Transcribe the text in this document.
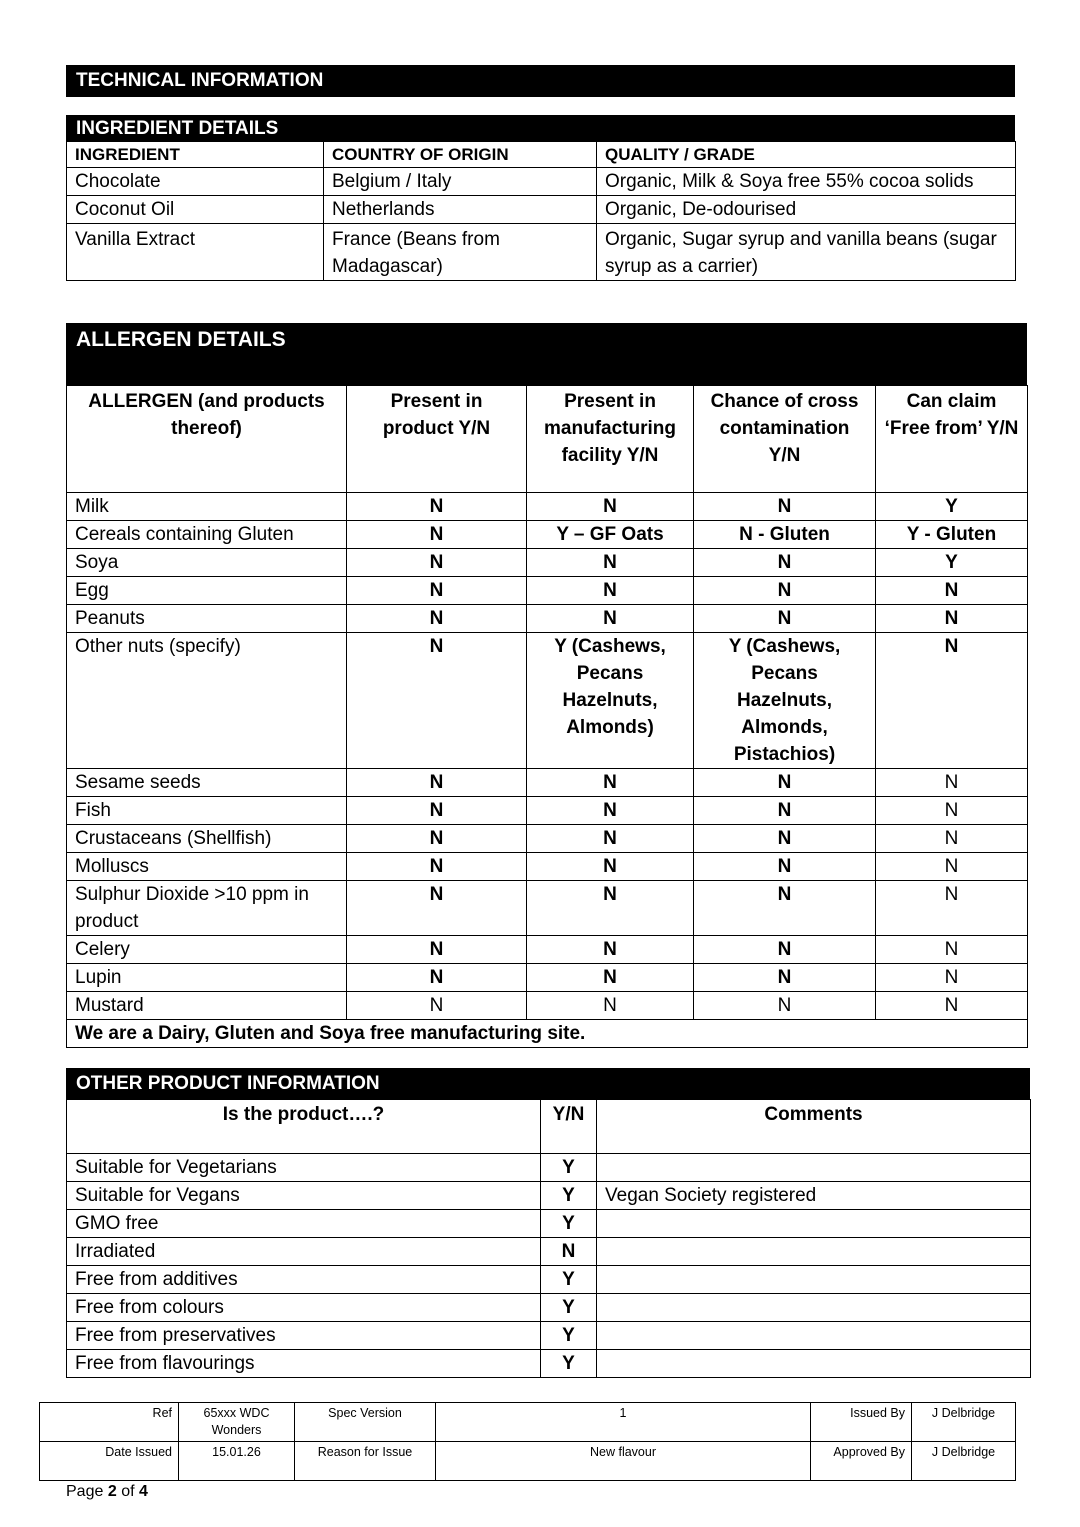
TECHNICAL INFORMATION
INGREDIENT DETAILS
INGREDIENT	COUNTRY OF ORIGIN	QUALITY / GRADE
Chocolate	Belgium / Italy	Organic, Milk & Soya free 55% cocoa solids
Coconut Oil	Netherlands	Organic, De-odourised
Vanilla Extract	France (Beans from Madagascar)	Organic, Sugar syrup and vanilla beans (sugar syrup as a carrier)
ALLERGEN DETAILS
ALLERGEN (and products thereof)	Present in product Y/N	Present in manufacturing facility Y/N	Chance of cross contamination Y/N	Can claim ‘Free from’ Y/N
Milk	N	N	N	Y
Cereals containing Gluten	N	Y – GF Oats	N - Gluten	Y - Gluten
Soya	N	N	N	Y
Egg	N	N	N	N
Peanuts	N	N	N	N
Other nuts (specify)	N	Y (Cashews, Pecans Hazelnuts, Almonds)	Y (Cashews, Pecans Hazelnuts, Almonds, Pistachios)	N
Sesame seeds	N	N	N	N
Fish	N	N	N	N
Crustaceans (Shellfish)	N	N	N	N
Molluscs	N	N	N	N
Sulphur Dioxide >10 ppm in product	N	N	N	N
Celery	N	N	N	N
Lupin	N	N	N	N
Mustard	N	N	N	N
We are a Dairy, Gluten and Soya free manufacturing site.				
OTHER PRODUCT INFORMATION
Is the product….?	Y/N	Comments
Suitable for Vegetarians	Y	
Suitable for Vegans	Y	Vegan Society registered
GMO free	Y	
Irradiated	N	
Free from additives	Y	
Free from colours	Y	
Free from preservatives	Y	
Free from flavourings	Y	
Ref	65xxx WDC Wonders	Spec Version	1	Issued By	J Delbridge
Date Issued	15.01.26	Reason for Issue	New flavour	Approved By	J Delbridge
Page 2 of 4
